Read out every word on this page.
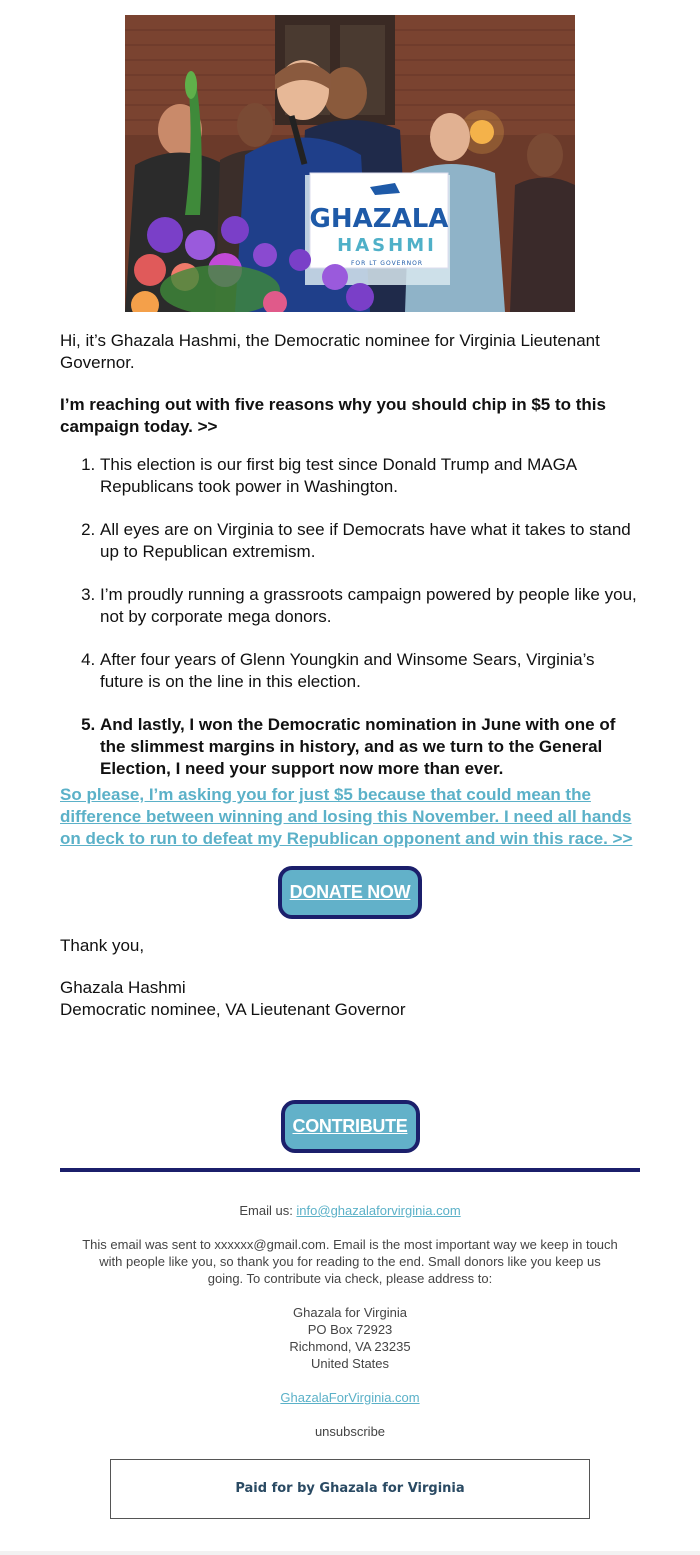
GHAZALA
HASHMI
FOR LT GOVERNOR

Hi, it’s Ghazala Hashmi, the Democratic nominee for Virginia Lieutenant Governor.

I’m reaching out with five reasons why you should chip in $5 to this campaign today. >>

1. This election is our first big test since Donald Trump and MAGA Republicans took power in Washington.
2. All eyes are on Virginia to see if Democrats have what it takes to stand up to Republican extremism.
3. I’m proudly running a grassroots campaign powered by people like you, not by corporate mega donors.
4. After four years of Glenn Youngkin and Winsome Sears, Virginia’s future is on the line in this election.
5. And lastly, I won the Democratic nomination in June with one of the slimmest margins in history, and as we turn to the General Election, I need your support now more than ever.
So please, I’m asking you for just $5 because that could mean the difference between winning and losing this November. I need all hands on deck to run to defeat my Republican opponent and win this race. >>
DONATE NOW

Thank you,

Ghazala Hashmi

Democratic nominee, VA Lieutenant Governor

CONTRIBUTE

Email us: info@ghazalaforvirginia.com

This email was sent to xxxxxx@gmail.com. Email is the most important way we keep in touch with people like you, so thank you for reading to the end. Small donors like you keep us going. To contribute via check, please address to:

Ghazala for Virginia
PO Box 72923
Richmond, VA 23235
United States

GhazalaForVirginia.com

unsubscribe

Paid for by Ghazala for Virginia
